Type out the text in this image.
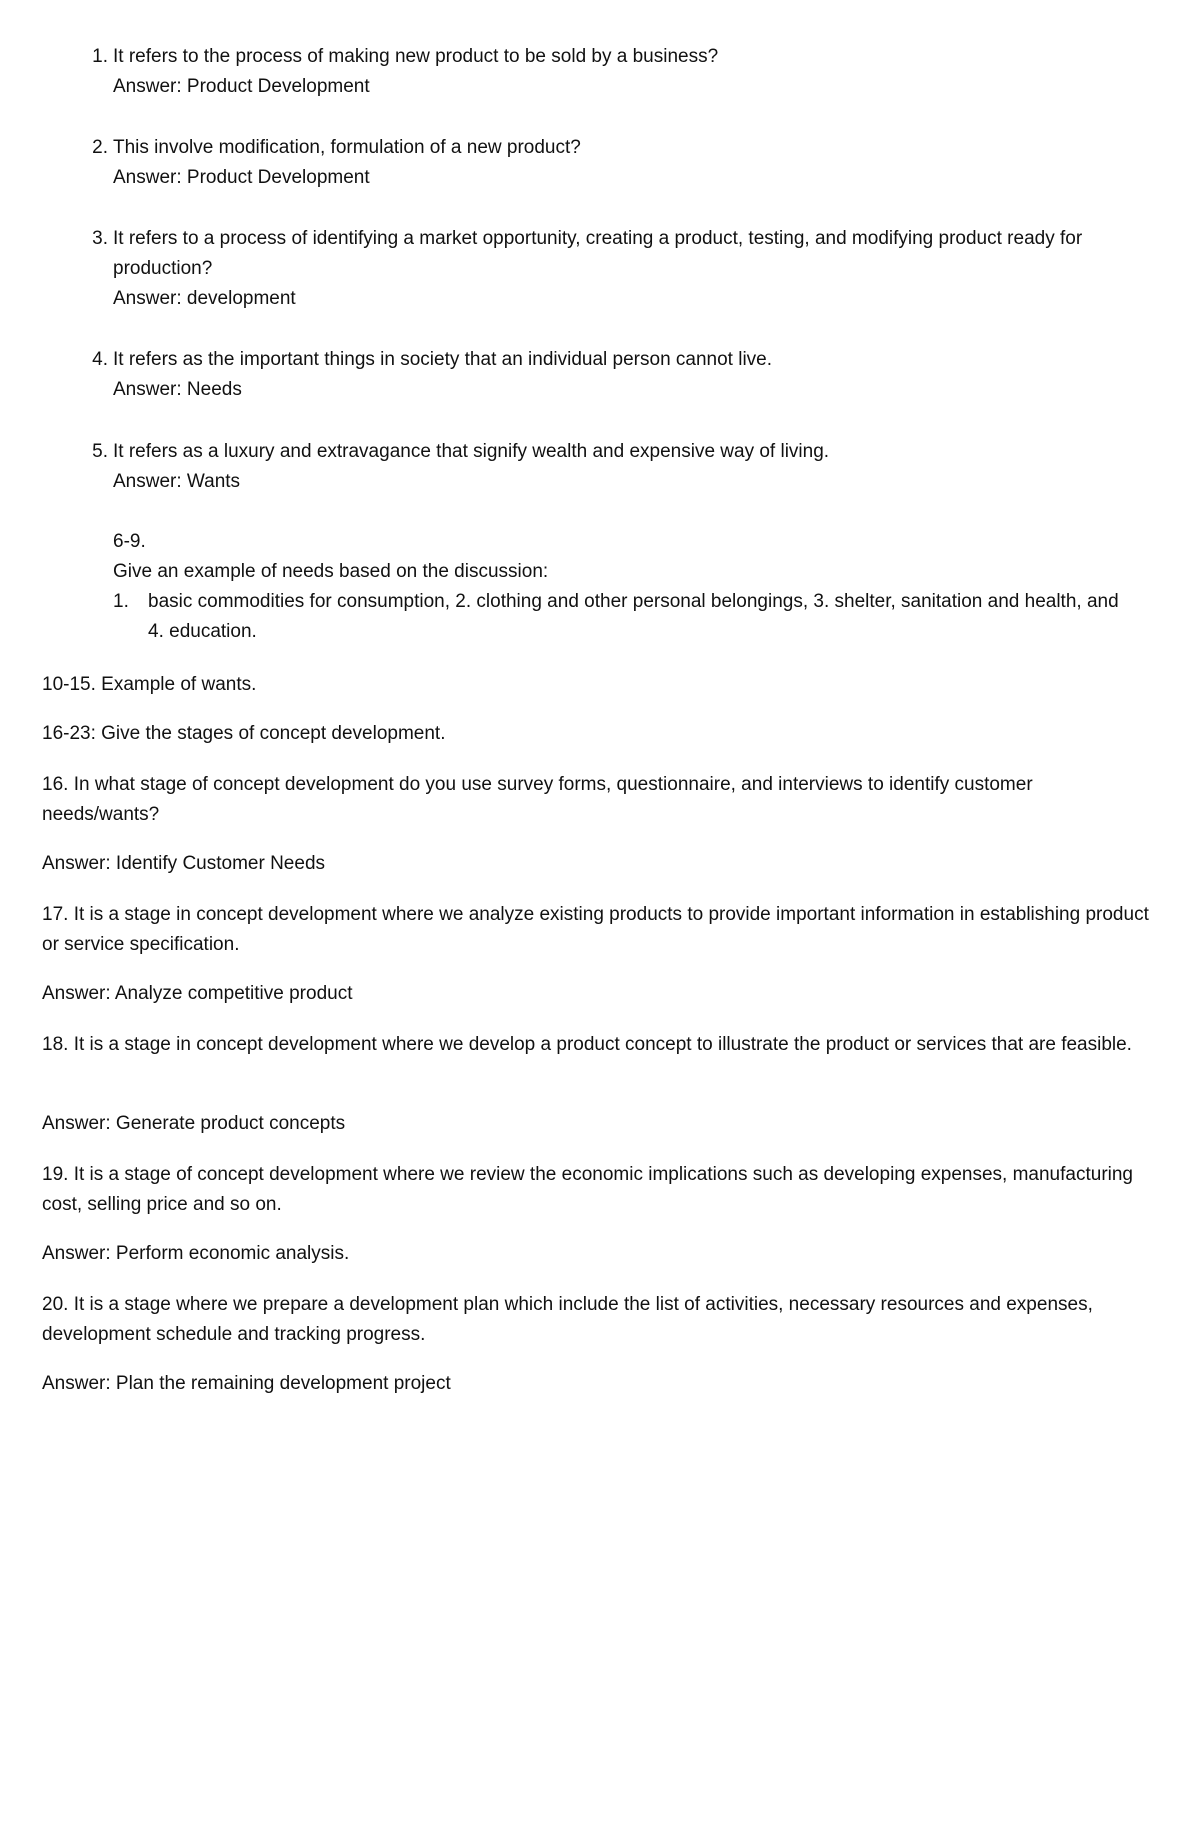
1. It refers to the process of making new product to be sold by a business?
Answer: Product Development
2. This involve modification, formulation of a new product?
Answer: Product Development
3. It refers to a process of identifying a market opportunity, creating a product, testing, and modifying product ready for production?
Answer: development
4. It refers as the important things in society that an individual person cannot live.
Answer: Needs
5. It refers as a luxury and extravagance that signify wealth and expensive way of living.
Answer: Wants
6-9.
Give an example of needs based on the discussion:
1. basic commodities for consumption, 2. clothing and other personal belongings, 3. shelter, sanitation and health, and 4. education.
10-15. Example of wants.
16-23: Give the stages of concept development.
16. In what stage of concept development do you use survey forms, questionnaire, and interviews to identify customer needs/wants?
Answer: Identify Customer Needs
17. It is a stage in concept development where we analyze existing products to provide important information in establishing product or service specification.
Answer: Analyze competitive product
18. It is a stage in concept development where we develop a product concept to illustrate the product or services that are feasible.
Answer: Generate product concepts
19. It is a stage of concept development where we review the economic implications such as developing expenses, manufacturing cost, selling price and so on.
Answer: Perform economic analysis.
20. It is a stage where we prepare a development plan which include the list of activities, necessary resources and expenses, development schedule and tracking progress.
Answer: Plan the remaining development project
